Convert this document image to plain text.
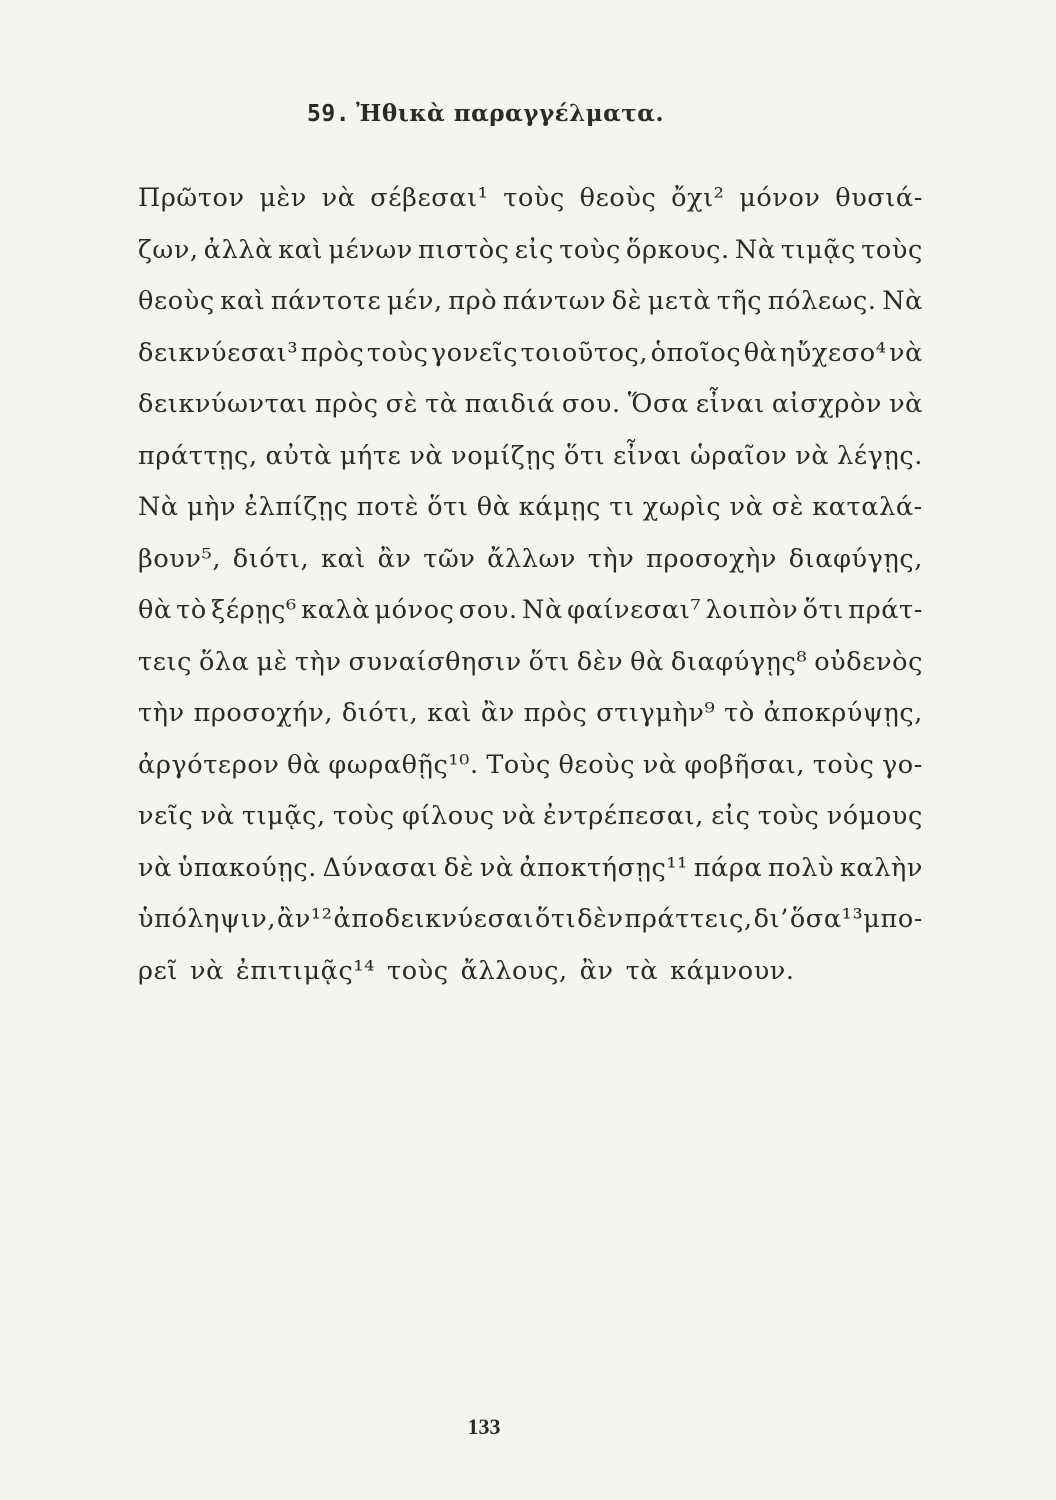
59. Ἠθικὰ παραγγέλματα.
Πρῶτον μὲν νὰ σέβεσαι¹ τοὺς θεοὺς ὄχι² μόνον θυσιά-
ζων, ἀλλὰ καὶ μένων πιστὸς εἰς τοὺς ὅρκους. Νὰ τιμᾷς τοὺς
θεοὺς καὶ πάντοτε μέν, πρὸ πάντων δὲ μετὰ τῆς πόλεως. Νὰ
δεικνύεσαι³ πρὸς τοὺς γονεῖς τοιοῦτος, ὁποῖος θὰ ηὔχεσο⁴ νὰ
δεικνύωνται πρὸς σὲ τὰ παιδιά σου. Ὅσα εἶναι αἰσχρὸν νὰ
πράττῃς, αὐτὰ μήτε νὰ νομίζῃς ὅτι εἶναι ὡραῖον νὰ λέγῃς.
Νὰ μὴν ἐλπίζῃς ποτὲ ὅτι θὰ κάμῃς τι χωρὶς νὰ σὲ καταλά-
βουν⁵, διότι, καὶ ἂν τῶν ἄλλων τὴν προσοχὴν διαφύγῃς,
θὰ τὸ ξέρῃς⁶ καλὰ μόνος σου. Νὰ φαίνεσαι⁷ λοιπὸν ὅτι πράτ-
τεις ὅλα μὲ τὴν συναίσθησιν ὅτι δὲν θὰ διαφύγῃς⁸ οὐδενὸς
τὴν προσοχήν, διότι, καὶ ἂν πρὸς στιγμὴν⁹ τὸ ἀποκρύψῃς,
ἀργότερον θὰ φωραθῇς¹⁰. Τοὺς θεοὺς νὰ φοβῆσαι, τοὺς γο-
νεῖς νὰ τιμᾷς, τοὺς φίλους νὰ ἐντρέπεσαι, εἰς τοὺς νόμους
νὰ ὑπακούῃς. Δύνασαι δὲ νὰ ἀποκτήσῃς¹¹ πάρα πολὺ καλὴν
ὑπόληψιν, ἂν¹² ἀποδεικνύεσαι ὅτι δὲν πράττεις, δι’ ὅσα¹³μπο-
ρεῖ νὰ ἐπιτιμᾷς¹⁴ τοὺς ἄλλους, ἂν τὰ κάμνουν.
133
